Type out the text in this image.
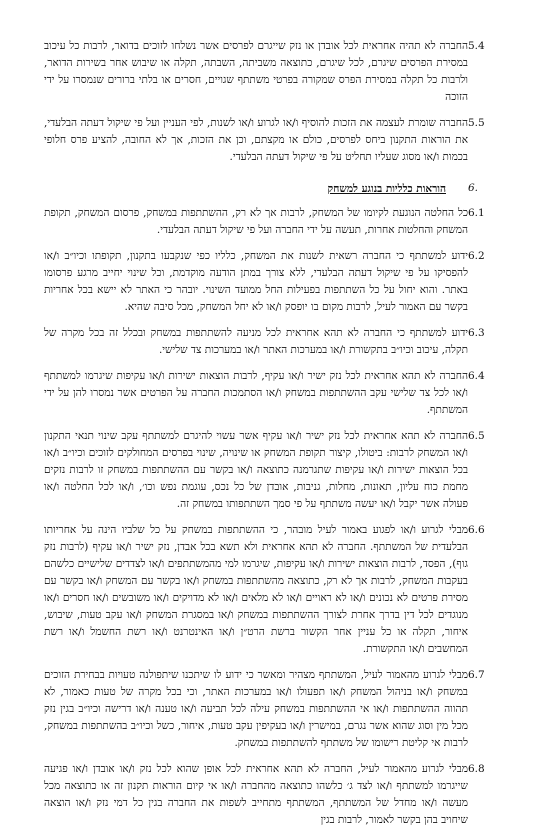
5.4
החברה לא תהיה אחראית לכל אובדן או נזק שייגרם לפרסים אשר נשלחו לזוכים בדואר, לרבות כל עיכוב במסירת הפרסים שיגרם, לכל שיגרם, כתוצאה משביתה, השבתה, תקלה או שיבוש אחר בשירות הדואר, ולרבות כל תקלה במסירת הפרס שמקורה בפרטי משתתף שגויים, חסרים או בלתי ברורים שנמסרו על ידי הזוכה
5.5
החברה שומרת לעצמה את הזכות להוסיף ו/או לגרוע ו/או לשנות, לפי העניין ועל פי שיקול דעתה הבלעדי, את הוראות התקנון ביחס לפרסים, כולם או מקצתם, וכן את הזכות, אך לא החובה, להציע פרס חלופי בכמות ו/או מסוג שעליו תחליט על פי שיקול דעתה הבלעדי.
6.
הוראות כלליות בנוגע למשחק
6.1
כל החלטה הנוגעת לקיומו של המשחק, לרבות אך לא רק, ההשתתפות במשחק, פרסום המשחק, תקופת המשחק והחלטות אחרות, תעשה על ידי החברה ועל פי שיקול דעתה הבלעדי.
6.2
ידוע למשתתף כי החברה רשאית לשנות את המשחק, כלליו כפי שנקבעו בתקנון, תקופתו וכיו״ב ו/או להפסיקו על פי שיקול דעתה הבלעדי, ללא צורך במתן הודעה מוקדמת, וכל שינוי יחייב מרגע פרסומו באתר. והוא יחול על כל השתתפות בפעילות החל ממועד השינוי. יובהר כי האתר לא יישא בכל אחריות בקשר עם האמור לעיל, לרבות מקום בו יופסק ו/או לא יחל המשחק, מכל סיבה שהיא.
6.3
ידוע למשתתף כי החברה לא תהא אחראית לכל מניעה להשתתפות במשחק ובכלל זה בכל מקרה של תקלה, עיכוב וכיו״ב בתקשורת ו/או במערכות האתר ו/או במערכות צד שלישי.
6.4
החברה לא תהא אחראית לכל נזק ישיר ו/או עקיף, לרבות הוצאות ישירות ו/או עקיפות שיגרמו למשתתף ו/או לכל צד שלישי עקב ההשתתפות במשחק ו/או הסתמכות החברה על הפרטים אשר נמסרו להן על ידי המשתתף.
6.5
החברה לא תהא אחראית לכל נזק ישיר ו/או עקיף אשר עשוי להיגרם למשתתף עקב שינוי תנאי התקנון ו/או המשחק לרבות: ביטולו, קיצור תקופת המשחק או שינויה, שינוי בפרסים המחולקים לזוכים וכיו״ב ו/או בכל הוצאות ישירות ו/או עקיפות שתגרמנה כתוצאה ו/או בקשר עם ההשתתפות במשחק זו לרבות נזקים מחמת כוח עליון, תאונות, מחלות, גניבות, אובדן של כל נכס, עוגמת נפש וכו׳, ו/או לכל החלטה ו/או פעולה אשר יקבל ו/או יעשה משתתף על פי סמך השתתפותו במשחק זה.
6.6
מבלי לגרוע ו/או לפגוע באמור לעיל מובהר, כי ההשתתפות במשחק על כל שלביו הינה על אחריותו הבלעדית של המשתתף. החברה לא תהא אחראית ולא תשא בכל אבדן, נזק ישיר ו/או עקיף (לרבות נזק גוף), הפסד, לרבות הוצאות ישירות ו/או עקיפות, שיגרמו למי מהמשתתפים ו/או לצדדים שלישיים כלשהם בעקבות המשחק, לרבות אך לא רק, כתוצאה מהשתתפות במשחק ו/או בקשר עם המשחק ו/או בקשר עם מסירת פרטים לא נכונים ו/או לא ראויים ו/או לא מלאים ו/או לא מדויקים ו/או משובשים ו/או חסרים ו/או מנוגדים לכל דין בדרך אחרת לצורך ההשתתפות במשחק ו/או במסגרת המשחק ו/או עקב טעות, שיבוש, איחור, תקלה או כל עניין אחר הקשור ברשת הרט״ן ו/או האינטרנט ו/או רשת החשמל ו/או רשת המחשבים ו/או התקשורת.
6.7
מבלי לגרוע מהאמור לעיל, המשתתף מצהיר ומאשר כי ידוע לו שיתכנו שיתפולנה טעויות בבחירת הזוכים במשחק ו/או בניהול המשחק ו/או תפעולו ו/או במערכות האתר, וכי בכל מקרה של טעות כאמור, לא תהווה ההשתתפות ו/או אי ההשתתפות במשחק עילה לכל תביעה ו/או טענה ו/או דרישה וכיו״ב בגין נזק מכל מין וסוג שהוא אשר נגרם, במישרין ו/או בעקיפין עקב טעות, איחור, כשל וכיו״ב בהשתתפות במשחק, לרבות אי קליטת רישומו של משתתף להשתתפות במשחק.
6.8
מבלי לגרוע מהאמור לעיל, החברה לא תהא אחראית לכל אופן שהוא לכל נזק ו/או אובדן ו/או פגיעה שייגרמו למשתתף ו/או לצד ג׳ כלשהו כתוצאה מהחברה ו/או אי קיום הוראות תקנון זה או כתוצאה מכל מעשה ו/או מחדל של המשתתף, המשתתף מתחייב לשפות את החברה בגין כל דמי נזק ו/או הוצאה שיחויב בהן בקשר לאמור, לרבות בגין
